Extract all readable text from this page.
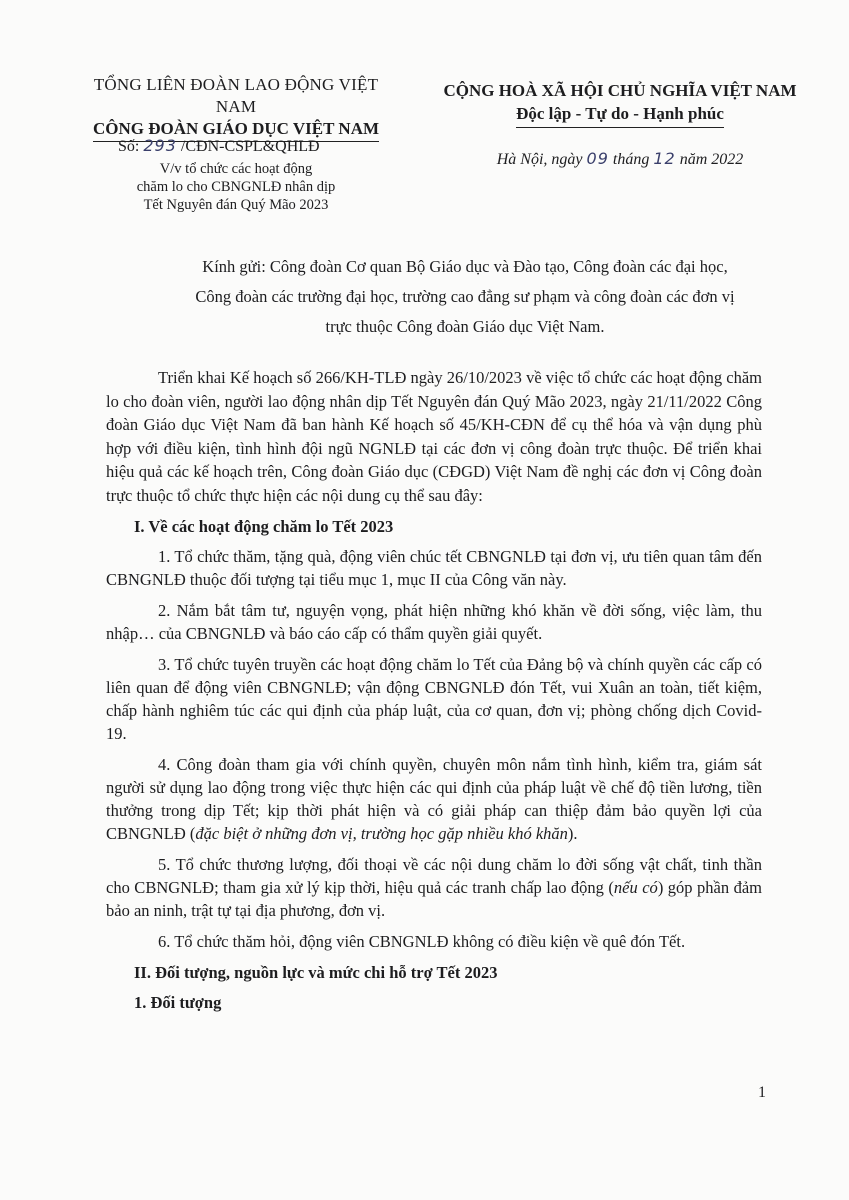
TỔNG LIÊN ĐOÀN LAO ĐỘNG VIỆT NAM
CÔNG ĐOÀN GIÁO DỤC VIỆT NAM
CỘNG HOÀ XÃ HỘI CHỦ NGHĨA VIỆT NAM
Độc lập - Tự do - Hạnh phúc
Số: 293 /CĐN-CSPL&QHLĐ
V/v tổ chức các hoạt động
chăm lo cho CBNGNLĐ nhân dịp
Tết Nguyên đán Quý Mão 2023
Hà Nội, ngày 09 tháng 12 năm 2022
Kính gửi: Công đoàn Cơ quan Bộ Giáo dục và Đào tạo, Công đoàn các đại học,
Công đoàn các trường đại học, trường cao đẳng sư phạm và công đoàn các đơn vị
trực thuộc Công đoàn Giáo dục Việt Nam.

Triển khai Kế hoạch số 266/KH-TLĐ ngày 26/10/2023 về việc tổ chức các hoạt động chăm lo cho đoàn viên, người lao động nhân dịp Tết Nguyên đán Quý Mão 2023, ngày 21/11/2022 Công đoàn Giáo dục Việt Nam đã ban hành Kế hoạch số 45/KH-CĐN để cụ thể hóa và vận dụng phù hợp với điều kiện, tình hình đội ngũ NGNLĐ tại các đơn vị công đoàn trực thuộc. Để triển khai hiệu quả các kế hoạch trên, Công đoàn Giáo dục (CĐGD) Việt Nam đề nghị các đơn vị Công đoàn trực thuộc tổ chức thực hiện các nội dung cụ thể sau đây:

I. Về các hoạt động chăm lo Tết 2023

1. Tổ chức thăm, tặng quà, động viên chúc tết CBNGNLĐ tại đơn vị, ưu tiên quan tâm đến CBNGNLĐ thuộc đối tượng tại tiểu mục 1, mục II của Công văn này.

2. Nắm bắt tâm tư, nguyện vọng, phát hiện những khó khăn về đời sống, việc làm, thu nhập… của CBNGNLĐ và báo cáo cấp có thẩm quyền giải quyết.

3. Tổ chức tuyên truyền các hoạt động chăm lo Tết của Đảng bộ và chính quyền các cấp có liên quan để động viên CBNGNLĐ; vận động CBNGNLĐ đón Tết, vui Xuân an toàn, tiết kiệm, chấp hành nghiêm túc các qui định của pháp luật, của cơ quan, đơn vị; phòng chống dịch Covid-19.

4. Công đoàn tham gia với chính quyền, chuyên môn nắm tình hình, kiểm tra, giám sát người sử dụng lao động trong việc thực hiện các qui định của pháp luật về chế độ tiền lương, tiền thưởng trong dịp Tết; kịp thời phát hiện và có giải pháp can thiệp đảm bảo quyền lợi của CBNGNLĐ (đặc biệt ở những đơn vị, trường học gặp nhiều khó khăn).

5. Tổ chức thương lượng, đối thoại về các nội dung chăm lo đời sống vật chất, tinh thần cho CBNGNLĐ; tham gia xử lý kịp thời, hiệu quả các tranh chấp lao động (nếu có) góp phần đảm bảo an ninh, trật tự tại địa phương, đơn vị.

6. Tổ chức thăm hỏi, động viên CBNGNLĐ không có điều kiện về quê đón Tết.

II. Đối tượng, nguồn lực và mức chi hỗ trợ Tết 2023
1. Đối tượng
1
